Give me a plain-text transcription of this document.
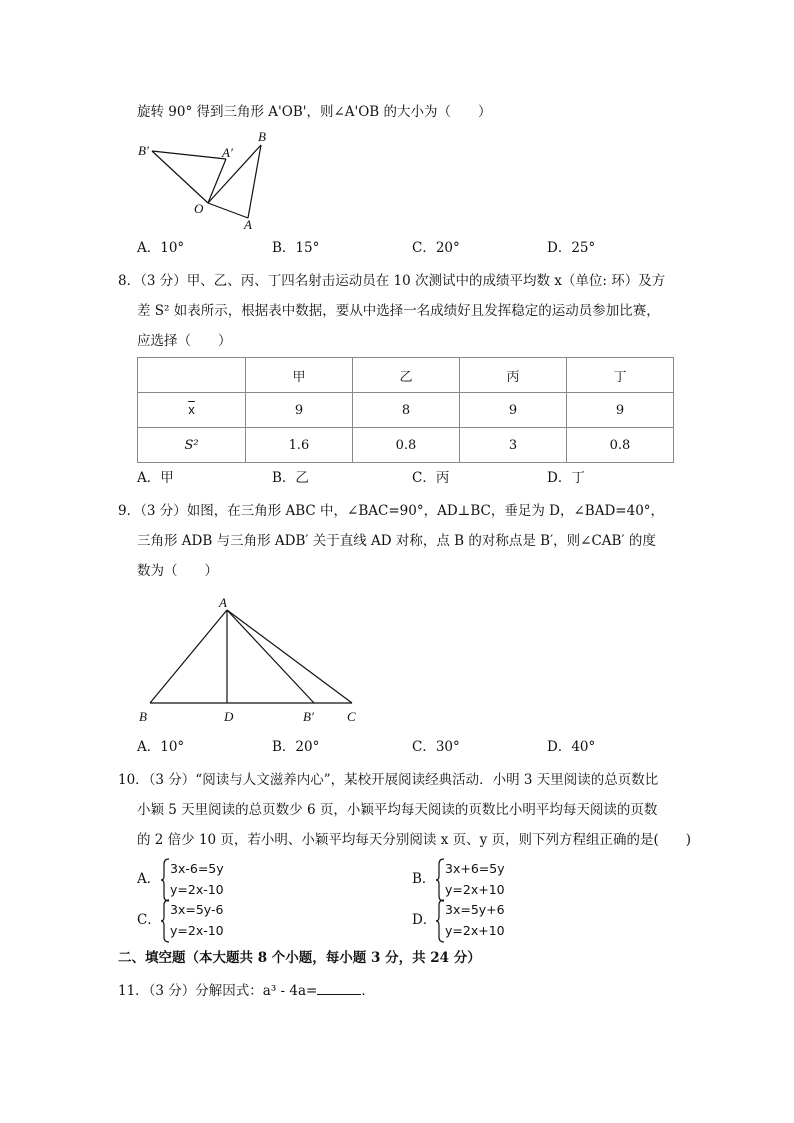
旋转 90° 得到三角形 A'OB'，则∠A'OB 的大小为（　　）
B'	A′
B
O
A
A．10°	B．15°	C．20°	D．25°
8．（3 分）甲、乙、丙、丁四名射击运动员在 10 次测试中的成绩平均数 x（单位: 环）及方
差 S² 如表所示，根据表中数据，要从中选择一名成绩好且发挥稳定的运动员参加比赛，
应选择（　　）
	甲	乙	丙	丁
$\overline{x}$	9	8	9	9
S²	1.6	0.8	3	0.8
A．甲	B．乙	C．丙	D．丁
9．（3 分）如图，在三角形 ABC 中，∠BAC=90°，AD⊥BC，垂足为 D，∠BAD=40°，
三角形 ADB 与三角形 ADB′ 关于直线 AD 对称，点 B 的对称点是 B′，则∠CAB′ 的度
数为（　　）
A
B	D	B′	C
A．10°	B．20°	C．30°	D．40°
10．（3 分）“阅读与人文滋养内心”，某校开展阅读经典活动．小明 3 天里阅读的总页数比
小颖 5 天里阅读的总页数少 6 页，小颖平均每天阅读的页数比小明平均每天阅读的页数
的 2 倍少 10 页，若小明、小颖平均每天分别阅读 x 页、y 页，则下列方程组正确的是(　　)
A．
3x-6=5y
y=2x-10
B．
3x+6=5y
y=2x+10
C．
3x=5y-6
y=2x-10
D．
3x=5y+6
y=2x+10
二、填空题（本大题共 8 个小题，每小题 3 分，共 24 分）
11．（3 分）分解因式：a³ - 4a=	．
